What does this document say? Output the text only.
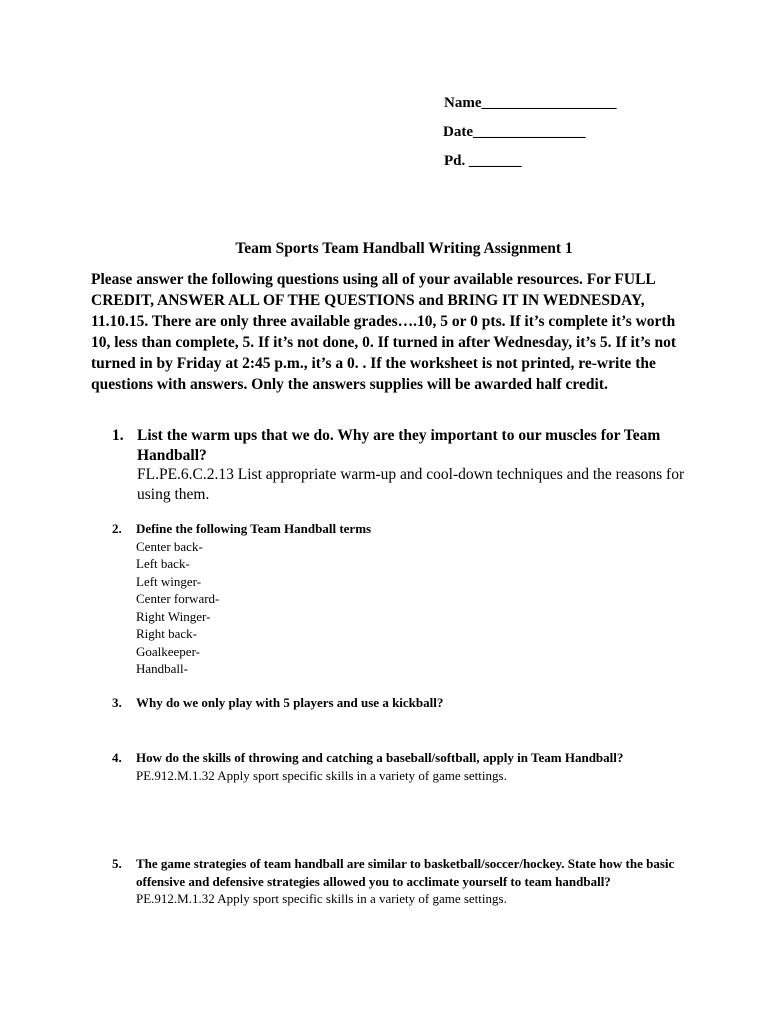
Name__________________
Date_______________
Pd. _______
Team Sports Team Handball Writing Assignment 1
Please answer the following questions using all of your available resources. For FULL CREDIT, ANSWER ALL OF THE QUESTIONS and BRING IT IN WEDNESDAY, 11.10.15. There are only three available grades….10, 5 or 0 pts. If it’s complete it’s worth 10, less than complete, 5. If it’s not done, 0. If turned in after Wednesday, it’s 5. If it’s not turned in by Friday at 2:45 p.m., it’s a 0. . If the worksheet is not printed, re-write the questions with answers. Only the answers supplies will be awarded half credit.
1. List the warm ups that we do. Why are they important to our muscles for Team Handball?
FL.PE.6.C.2.13 List appropriate warm-up and cool-down techniques and the reasons for using them.
2. Define the following Team Handball terms
Center back-
Left back-
Left winger-
Center forward-
Right Winger-
Right back-
Goalkeeper-
Handball-
3. Why do we only play with 5 players and use a kickball?
4. How do the skills of throwing and catching a baseball/softball, apply in Team Handball?
PE.912.M.1.32 Apply sport specific skills in a variety of game settings.
5. The game strategies of team handball are similar to basketball/soccer/hockey. State how the basic offensive and defensive strategies allowed you to acclimate yourself to team handball?
PE.912.M.1.32 Apply sport specific skills in a variety of game settings.
